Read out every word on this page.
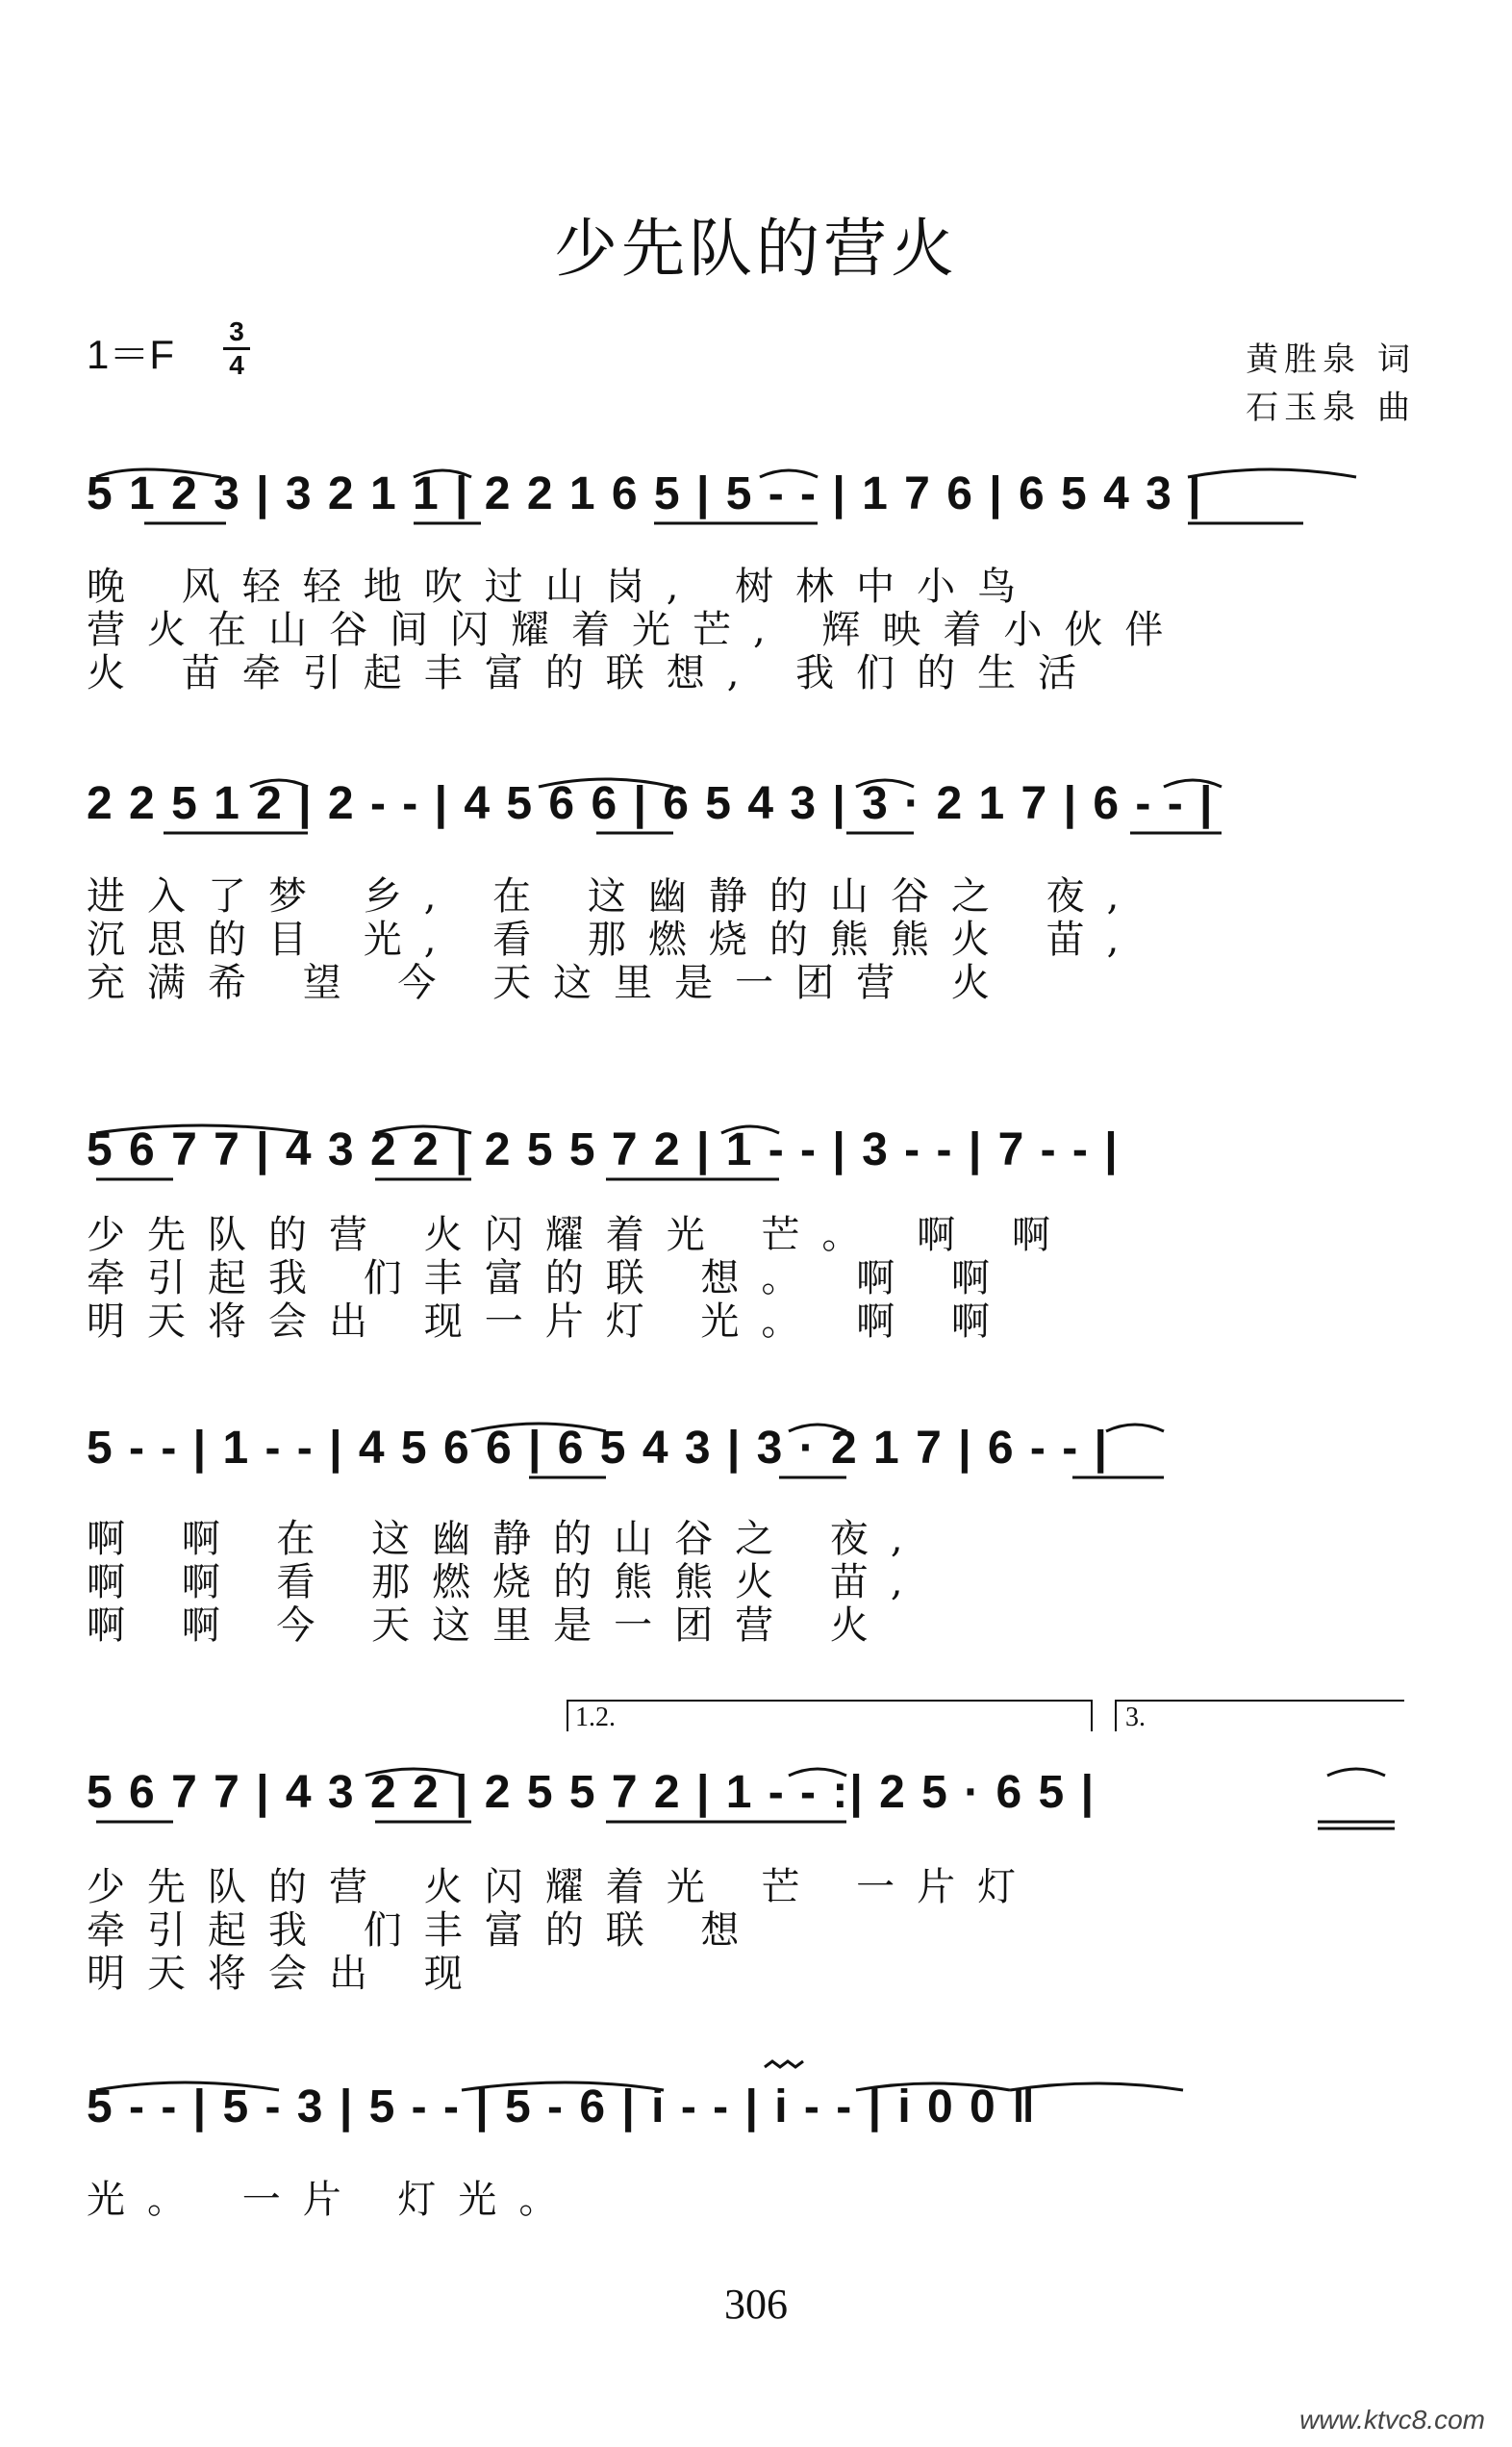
少先队的营火
1＝F
3
4	黄胜泉 词
石玉泉 曲
5 1 2 3 | 3 2 1 1 | 2 2 1 6 5 | 5 - - | 1 7 6 | 6 5 4 3 |
晚 风轻轻地吹过山岗, 树林中小鸟
营火在山谷间闪耀着光芒, 辉映着小伙伴
火 苗牵引起丰富的联想, 我们的生活
2 2 5 1 2 | 2 - - | 4 5 6 6 | 6 5 4 3 | 3 · 2 1 7 | 6 - - |
进入了梦 乡, 在 这幽静的山谷之 夜,
沉思的目 光, 看 那燃烧的熊熊火 苗,
充满希 望 今 天这里是一团营 火
5 6 7 7 | 4 3 2 2 | 2 5 5 7 2 | 1 - - | 3 - - | 7 - - |
少先队的营 火闪耀着光 芒。 啊 啊
牵引起我 们丰富的联 想。 啊 啊
明天将会出 现一片灯 光。 啊 啊
5 - - | 1 - - | 4 5 6 6 | 6 5 4 3 | 3 · 2 1 7 | 6 - - |
啊 啊 在 这幽静的山谷之 夜,
啊 啊 看 那燃烧的熊熊火 苗,
啊 啊 今 天这里是一团营 火
1.2.	3.
5 6 7 7 | 4 3 2 2 | 2 5 5 7 2 | 1 - - :| 2 5 · 6 5 |
少先队的营 火闪耀着光 芒 一片灯
牵引起我 们丰富的联 想
明天将会出 现
5 - - | 5 - 3 | 5 - - | 5 - 6 | i - - | i - - | i 0 0 ‖
光。 一片 灯光。
306
www.ktvc8.com
